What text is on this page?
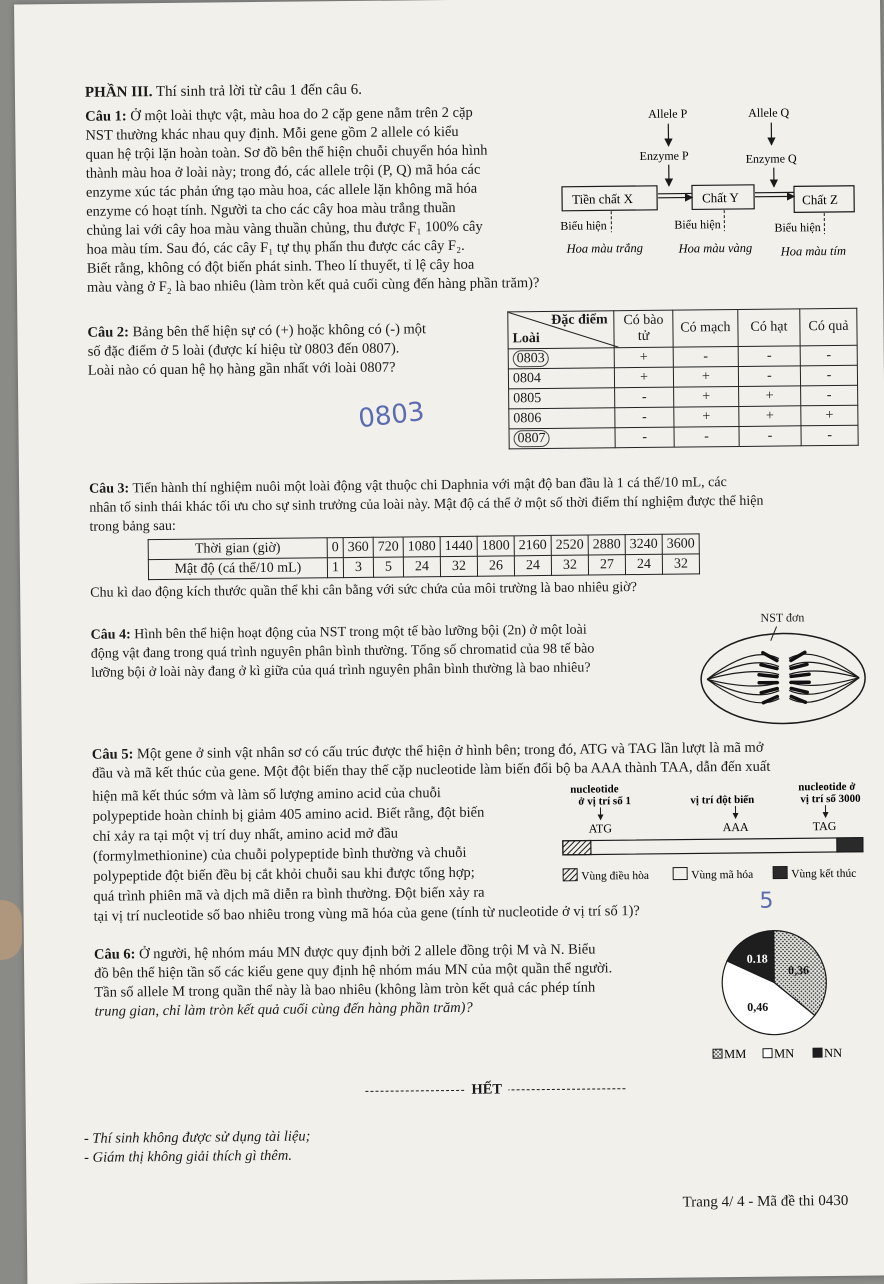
PHẦN III. Thí sinh trả lời từ câu 1 đến câu 6.
Câu 1: Ở một loài thực vật, màu hoa do 2 cặp gene nằm trên 2 cặp
NST thường khác nhau quy định. Mỗi gene gồm 2 allele có kiểu
quan hệ trội lặn hoàn toàn. Sơ đồ bên thể hiện chuỗi chuyển hóa hình
thành màu hoa ở loài này; trong đó, các allele trội (P, Q) mã hóa các
enzyme xúc tác phản ứng tạo màu hoa, các allele lặn không mã hóa
enzyme có hoạt tính. Người ta cho các cây hoa màu trắng thuần
chủng lai với cây hoa màu vàng thuần chủng, thu được F₁ 100% cây
hoa màu tím. Sau đó, các cây F₁ tự thụ phấn thu được các cây F₂.
Biết rằng, không có đột biến phát sinh. Theo lí thuyết, tỉ lệ cây hoa
màu vàng ở F₂ là bao nhiêu (làm tròn kết quả cuối cùng đến hàng phần trăm)?
Allele P	Allele Q
Enzyme P	Enzyme Q
Tiền chất X	Chất Y	Chất Z
Biểu hiện	Biểu hiện	Biểu hiện
Hoa màu trắng	Hoa màu vàng Hoa màu tím
Câu 2: Bảng bên thể hiện sự có (+) hoặc không có (-) một
số đặc điểm ở 5 loài (được kí hiệu từ 0803 đến 0807).
Loài nào có quan hệ họ hàng gần nhất với loài 0807?
0803
Đặc điểm
Loài	Có bào tử	Có mạch	Có hạt	Có quả
0803	+	-	-	-
0804	+	+	-	-
0805	-	+	+	-
0806	-	+	+	+
0807	-	-	-	-
Câu 3: Tiến hành thí nghiệm nuôi một loài động vật thuộc chi Daphnia với mật độ ban đầu là 1 cá thể/10 mL, các
nhân tố sinh thái khác tối ưu cho sự sinh trưởng của loài này. Mật độ cá thể ở một số thời điểm thí nghiệm được thể hiện
trong bảng sau:
Thời gian (giờ)	0	360	720	1080	1440	1800	2160	2520	2880	3240	3600
Mật độ (cá thể/10 mL)	1	3	5	24	32	26	24	32	27	24	32
Chu kì dao động kích thước quần thể khi cân bằng với sức chứa của môi trường là bao nhiêu giờ?
Câu 4: Hình bên thể hiện hoạt động của NST trong một tế bào lưỡng bội (2n) ở một loài
động vật đang trong quá trình nguyên phân bình thường. Tổng số chromatid của 98 tế bào
lưỡng bội ở loài này đang ở kì giữa của quá trình nguyên phân bình thường là bao nhiêu?
NST đơn
Câu 5: Một gene ở sinh vật nhân sơ có cấu trúc được thể hiện ở hình bên; trong đó, ATG và TAG lần lượt là mã mở
đầu và mã kết thúc của gene. Một đột biến thay thế cặp nucleotide làm biến đổi bộ ba AAA thành TAA, dẫn đến xuất
hiện mã kết thúc sớm và làm số lượng amino acid của chuỗi
polypeptide hoàn chỉnh bị giảm 405 amino acid. Biết rằng, đột biến
chỉ xảy ra tại một vị trí duy nhất, amino acid mở đầu
(formylmethionine) của chuỗi polypeptide bình thường và chuỗi
polypeptide đột biến đều bị cắt khỏi chuỗi sau khi được tổng hợp;
quá trình phiên mã và dịch mã diễn ra bình thường. Đột biến xảy ra
tại vị trí nucleotide số bao nhiêu trong vùng mã hóa của gene (tính từ nucleotide ở vị trí số 1)?
5
nucleotide
ở vị trí số 1	vị trí đột biến
nucleotide ở
vị trí số 3000
ATG	AAA	TAG
Vùng điều hòa	Vùng mã hóa	Vùng kết thúc
Câu 6: Ở người, hệ nhóm máu MN được quy định bởi 2 allele đồng trội M và N. Biểu
đồ bên thể hiện tần số các kiểu gene quy định hệ nhóm máu MN của một quần thể người.
Tần số allele M trong quần thể này là bao nhiêu (không làm tròn kết quả các phép tính
trung gian, chỉ làm tròn kết quả cuối cùng đến hàng phần trăm)?
0.18
0,36
0,46
MM MN NN
HẾT
- Thí sinh không được sử dụng tài liệu;
- Giám thị không giải thích gì thêm.
Trang 4/ 4 - Mã đề thi 0430
